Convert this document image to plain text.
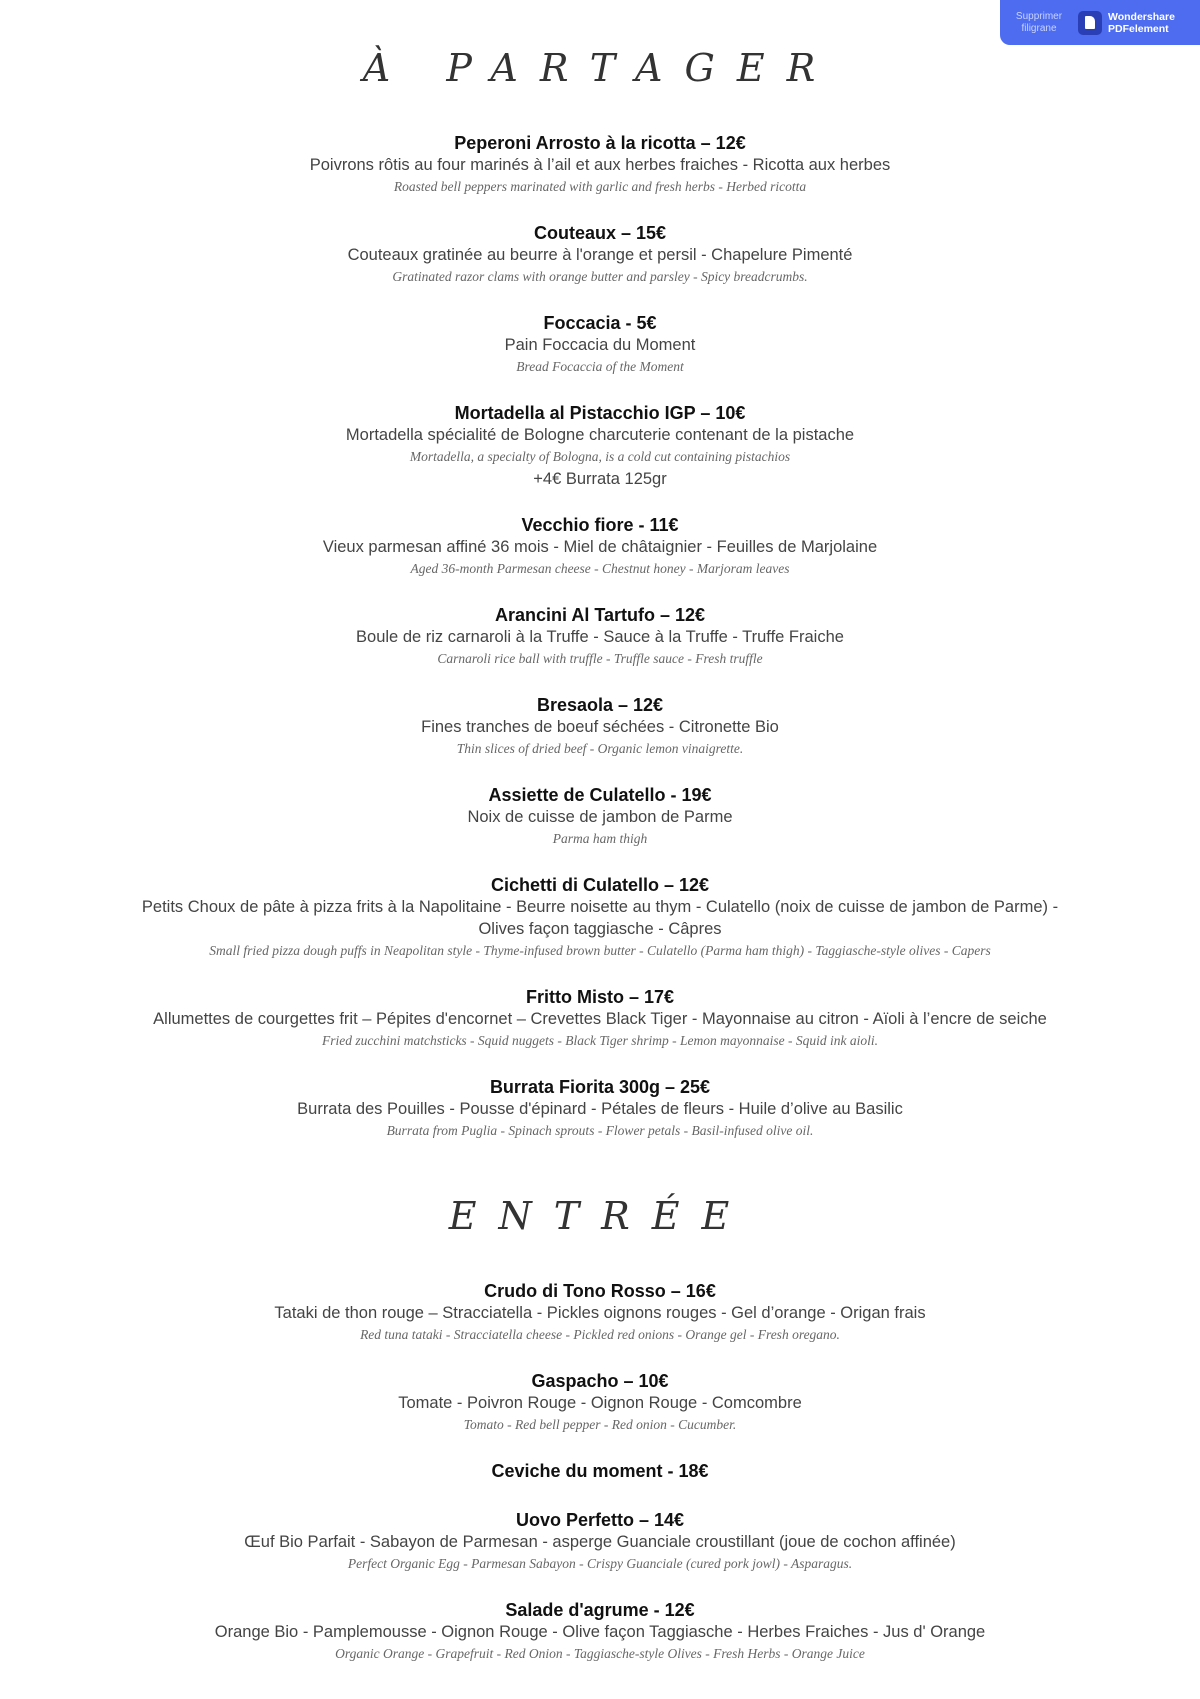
Supprimer filigrane
Wondershare PDFelement
À PARTAGER
Peperoni Arrosto à la ricotta – 12€
Poivrons rôtis au four marinés à l’ail et aux herbes fraiches - Ricotta aux herbes
Roasted bell peppers marinated with garlic and fresh herbs - Herbed ricotta
Couteaux – 15€
Couteaux gratinée au beurre à l'orange et persil - Chapelure Pimenté
Gratinated razor clams with orange butter and parsley - Spicy breadcrumbs.
Foccacia - 5€
Pain Foccacia du Moment
Bread Focaccia of the Moment
Mortadella al Pistacchio IGP – 10€
Mortadella spécialité de Bologne charcuterie contenant de la pistache
Mortadella, a specialty of Bologna, is a cold cut containing pistachios
+4€ Burrata 125gr
Vecchio fiore - 11€
Vieux parmesan affiné 36 mois - Miel de châtaignier - Feuilles de Marjolaine
Aged 36-month Parmesan cheese - Chestnut honey - Marjoram leaves
Arancini Al Tartufo – 12€
Boule de riz carnaroli à la Truffe - Sauce à la Truffe - Truffe Fraiche
Carnaroli rice ball with truffle - Truffle sauce - Fresh truffle
Bresaola – 12€
Fines tranches de boeuf séchées - Citronette Bio
Thin slices of dried beef - Organic lemon vinaigrette.
Assiette de Culatello - 19€
Noix de cuisse de jambon de Parme
Parma ham thigh
Cichetti di Culatello – 12€
Petits Choux de pâte à pizza frits à la Napolitaine - Beurre noisette au thym - Culatello (noix de cuisse de jambon de Parme) -
Olives façon taggiasche - Câpres
Small fried pizza dough puffs in Neapolitan style - Thyme-infused brown butter - Culatello (Parma ham thigh) - Taggiasche-style olives - Capers
Fritto Misto – 17€
Allumettes de courgettes frit – Pépites d'encornet – Crevettes Black Tiger - Mayonnaise au citron - Aïoli à l’encre de seiche
Fried zucchini matchsticks - Squid nuggets - Black Tiger shrimp - Lemon mayonnaise - Squid ink aioli.
Burrata Fiorita 300g – 25€
Burrata des Pouilles - Pousse d'épinard - Pétales de fleurs - Huile d’olive au Basilic
Burrata from Puglia - Spinach sprouts - Flower petals - Basil-infused olive oil.
ENTRÉE
Crudo di Tono Rosso – 16€
Tataki de thon rouge – Stracciatella - Pickles oignons rouges - Gel d’orange - Origan frais
Red tuna tataki - Stracciatella cheese - Pickled red onions - Orange gel - Fresh oregano.
Gaspacho – 10€
Tomate - Poivron Rouge - Oignon Rouge - Comcombre
Tomato - Red bell pepper - Red onion - Cucumber.
Ceviche du moment - 18€
Uovo Perfetto – 14€
Œuf Bio Parfait - Sabayon de Parmesan - asperge Guanciale croustillant (joue de cochon affinée)
Perfect Organic Egg - Parmesan Sabayon - Crispy Guanciale (cured pork jowl) - Asparagus.
Salade d'agrume - 12€
Orange Bio - Pamplemousse - Oignon Rouge - Olive façon Taggiasche - Herbes Fraiches - Jus d' Orange
Organic Orange - Grapefruit - Red Onion - Taggiasche-style Olives - Fresh Herbs - Orange Juice
